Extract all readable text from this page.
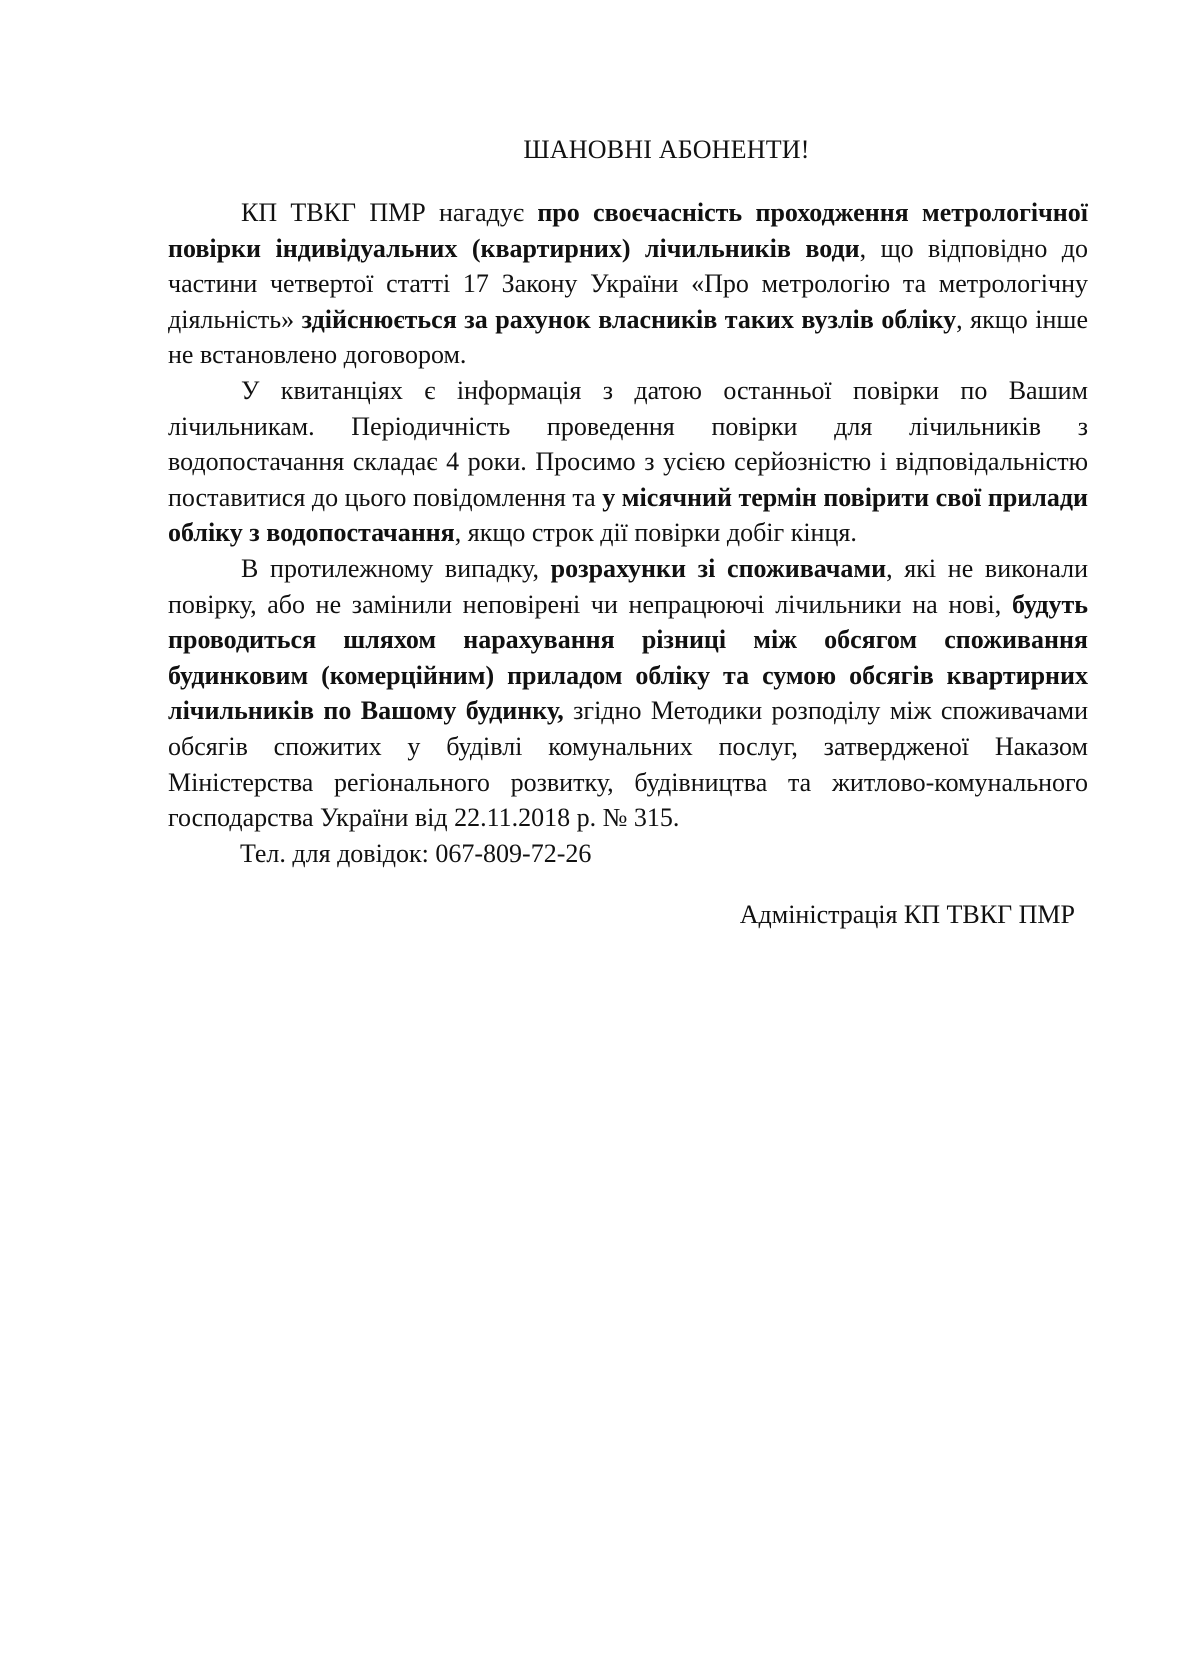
ШАНОВНІ АБОНЕНТИ!

КП ТВКГ ПМР нагадує про своєчасність проходження метрологічної повірки індивідуальних (квартирних) лічильників води, що відповідно до частини четвертої статті 17 Закону України «Про метрологію та метрологічну діяльність» здійснюється за рахунок власників таких вузлів обліку, якщо інше не встановлено договором.

У квитанціях є інформація з датою останньої повірки по Вашим лічильникам. Періодичність проведення повірки для лічильників з водопостачання складає 4 роки. Просимо з усією серйозністю і відповідальністю поставитися до цього повідомлення та у місячний термін повірити свої прилади обліку з водопостачання, якщо строк дії повірки добіг кінця.

В протилежному випадку, розрахунки зі споживачами, які не виконали повірку, або не замінили неповірені чи непрацюючі лічильники на нові, будуть проводиться шляхом нарахування різниці між обсягом споживання будинковим (комерційним) приладом обліку та сумою обсягів квартирних лічильників по Вашому будинку, згідно Методики розподілу між споживачами обсягів спожитих у будівлі комунальних послуг, затвердженої Наказом Міністерства регіонального розвитку, будівництва та житлово-комунального господарства України від 22.11.2018 р. № 315.

Тел. для довідок: 067-809-72-26
Адміністрація КП ТВКГ ПМР
